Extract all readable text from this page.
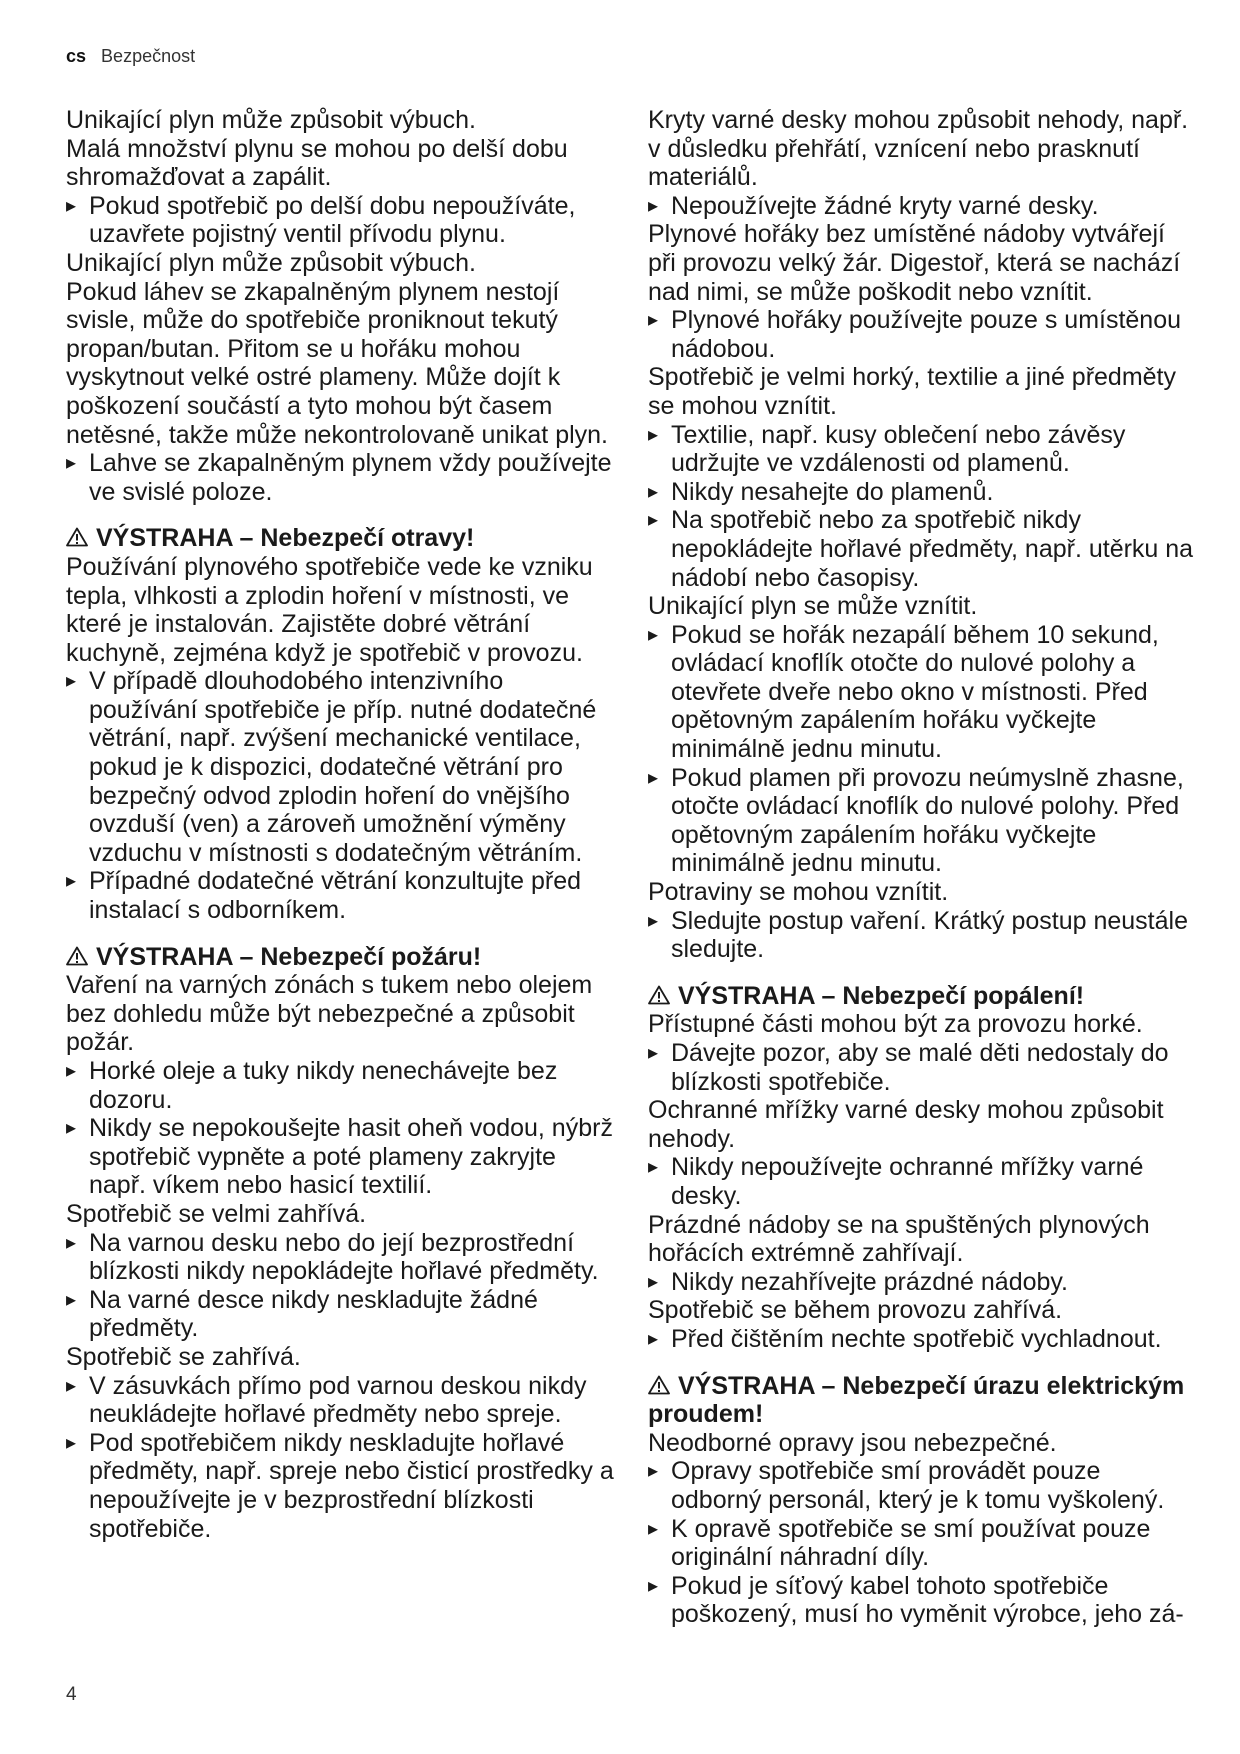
cs Bezpečnost
Unikající plyn může způsobit výbuch.
Malá množství plynu se mohou po delší dobu shromažďovat a zapálit.
▸ Pokud spotřebič po delší dobu nepoužíváte, uzavřete pojistný ventil přívodu plynu.
Unikající plyn může způsobit výbuch.
Pokud láhev se zkapalněným plynem nestojí svisle, může do spotřebiče proniknout tekutý propan/butan. Přitom se u hořáku mohou vyskytnout velké ostré plameny. Může dojít k poškození součástí a tyto mohou být časem netěsné, takže může nekontrolovaně unikat plyn.
▸ Lahve se zkapalněným plynem vždy používejte ve svislé poloze.
VÝSTRAHA – Nebezpečí otravy!
Používání plynového spotřebiče vede ke vzniku tepla, vlhkosti a zplodin hoření v místnosti, ve které je instalován. Zajistěte dobré větrání kuchyně, zejména když je spotřebič v provozu.
▸ V případě dlouhodobého intenzivního používání spotřebiče je příp. nutné dodatečné větrání, např. zvýšení mechanické ventilace, pokud je k dispozici, dodatečné větrání pro bezpečný odvod zplodin hoření do vnějšího ovzduší (ven) a zároveň umožnění výměny vzduchu v místnosti s dodatečným větráním.
▸ Případné dodatečné větrání konzultujte před instalací s odborníkem.
VÝSTRAHA – Nebezpečí požáru!
Vaření na varných zónách s tukem nebo olejem bez dohledu může být nebezpečné a způsobit požár.
▸ Horké oleje a tuky nikdy nenechávejte bez dozoru.
▸ Nikdy se nepokoušejte hasit oheň vodou, nýbrž spotřebič vypněte a poté plameny zakryjte např. víkem nebo hasicí textilií.
Spotřebič se velmi zahřívá.
▸ Na varnou desku nebo do její bezprostřední blízkosti nikdy nepokládejte hořlavé předměty.
▸ Na varné desce nikdy neskladujte žádné předměty.
Spotřebič se zahřívá.
▸ V zásuvkách přímo pod varnou deskou nikdy neukládejte hořlavé předměty nebo spreje.
▸ Pod spotřebičem nikdy neskladujte hořlavé předměty, např. spreje nebo čisticí prostředky a nepoužívejte je v bezprostřední blízkosti spotřebiče.
Kryty varné desky mohou způsobit nehody, např. v důsledku přehřátí, vznícení nebo prasknutí materiálů.
▸ Nepoužívejte žádné kryty varné desky.
Plynové hořáky bez umístěné nádoby vytvářejí při provozu velký žár. Digestoř, která se nachází nad nimi, se může poškodit nebo vznítit.
▸ Plynové hořáky používejte pouze s umístěnou nádobou.
Spotřebič je velmi horký, textilie a jiné předměty se mohou vznítit.
▸ Textilie, např. kusy oblečení nebo závěsy udržujte ve vzdálenosti od plamenů.
▸ Nikdy nesahejte do plamenů.
▸ Na spotřebič nebo za spotřebič nikdy nepokládejte hořlavé předměty, např. utěrku na nádobí nebo časopisy.
Unikající plyn se může vznítit.
▸ Pokud se hořák nezapálí během 10 sekund, ovládací knoflík otočte do nulové polohy a otevřete dveře nebo okno v místnosti. Před opětovným zapálením hořáku vyčkejte minimálně jednu minutu.
▸ Pokud plamen při provozu neúmyslně zhasne, otočte ovládací knoflík do nulové polohy. Před opětovným zapálením hořáku vyčkejte minimálně jednu minutu.
Potraviny se mohou vznítit.
▸ Sledujte postup vaření. Krátký postup neustále sledujte.
VÝSTRAHA – Nebezpečí popálení!
Přístupné části mohou být za provozu horké.
▸ Dávejte pozor, aby se malé děti nedostaly do blízkosti spotřebiče.
Ochranné mřížky varné desky mohou způsobit nehody.
▸ Nikdy nepoužívejte ochranné mřížky varné desky.
Prázdné nádoby se na spuštěných plynových hořácích extrémně zahřívají.
▸ Nikdy nezahřívejte prázdné nádoby.
Spotřebič se během provozu zahřívá.
▸ Před čištěním nechte spotřebič vychladnout.
VÝSTRAHA – Nebezpečí úrazu elektrickým proudem!
Neodborné opravy jsou nebezpečné.
▸ Opravy spotřebiče smí provádět pouze odborný personál, který je k tomu vyškolený.
▸ K opravě spotřebiče se smí používat pouze originální náhradní díly.
▸ Pokud je síťový kabel tohoto spotřebiče poškozený, musí ho vyměnit výrobce, jeho zá-
4
